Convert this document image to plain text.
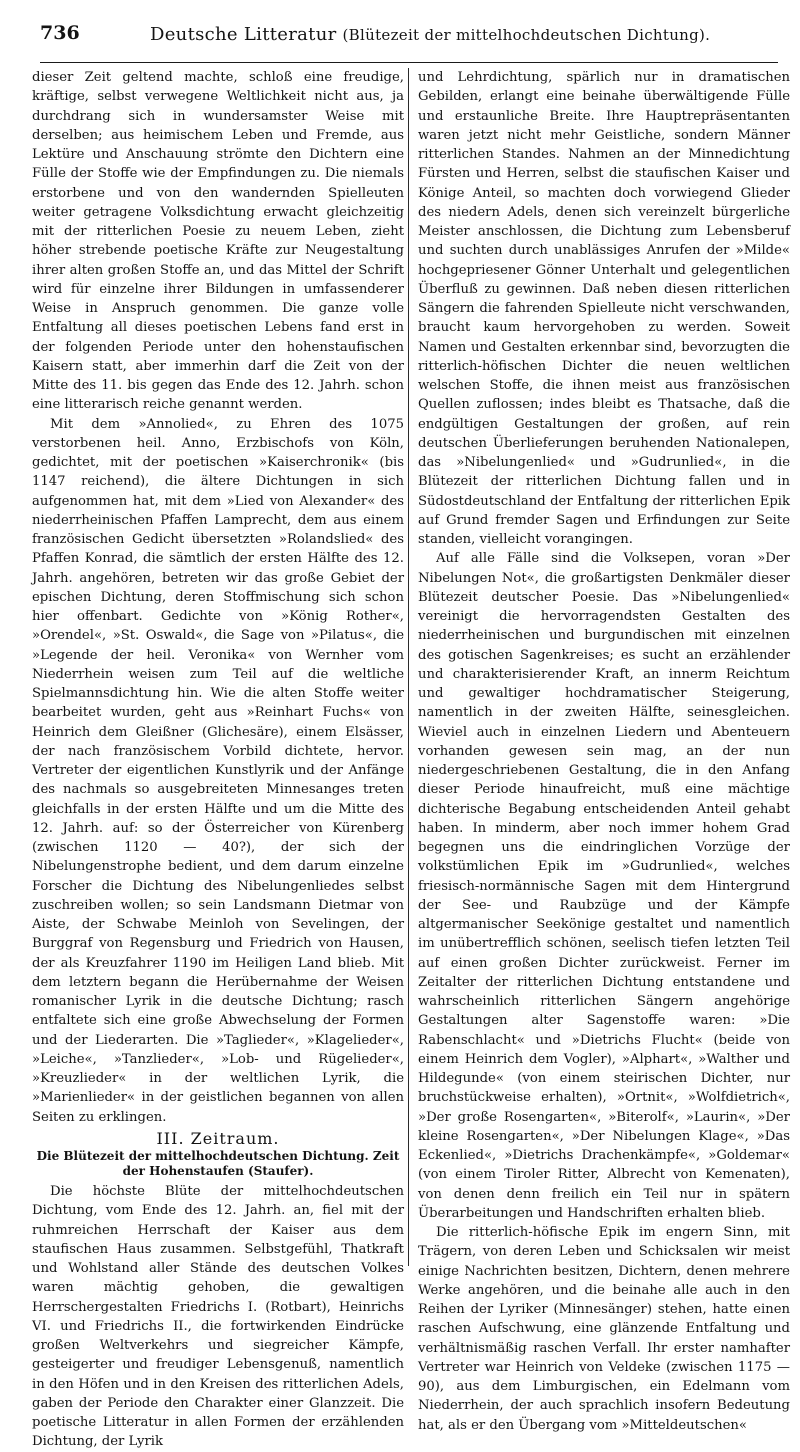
736	Deutsche Litteratur (Blütezeit der mittelhochdeutschen Dichtung).

dieser Zeit geltend machte, schloß eine freudige, kräftige, selbst verwegene Weltlichkeit nicht aus, ja durchdrang sich in wundersamster Weise mit derselben; aus heimischem Leben und Fremde, aus Lektüre und Anschauung strömte den Dichtern eine Fülle der Stoffe wie der Empfindungen zu. Die niemals erstorbene und von den wandernden Spielleuten weiter getragene Volksdichtung erwacht gleichzeitig mit der ritterlichen Poesie zu neuem Leben, zieht höher strebende poetische Kräfte zur Neugestaltung ihrer alten großen Stoffe an, und das Mittel der Schrift wird für einzelne ihrer Bildungen in umfassenderer Weise in Anspruch genommen. Die ganze volle Entfaltung all dieses poetischen Lebens fand erst in der folgenden Periode unter den hohenstaufischen Kaisern statt, aber immerhin darf die Zeit von der Mitte des 11. bis gegen das Ende des 12. Jahrh. schon eine litterarisch reiche genannt werden.

Mit dem »Annolied«, zu Ehren des 1075 verstorbenen heil. Anno, Erzbischofs von Köln, gedichtet, mit der poetischen »Kaiserchronik« (bis 1147 reichend), die ältere Dichtungen in sich aufgenommen hat, mit dem »Lied von Alexander« des niederrheinischen Pfaffen Lamprecht, dem aus einem französischen Gedicht übersetzten »Rolandslied« des Pfaffen Konrad, die sämtlich der ersten Hälfte des 12. Jahrh. angehören, betreten wir das große Gebiet der epischen Dichtung, deren Stoffmischung sich schon hier offenbart. Gedichte von »König Rother«, »Orendel«, »St. Oswald«, die Sage von »Pilatus«, die »Legende der heil. Veronika« von Wernher vom Niederrhein weisen zum Teil auf die weltliche Spielmannsdichtung hin. Wie die alten Stoffe weiter bearbeitet wurden, geht aus »Reinhart Fuchs« von Heinrich dem Gleißner (Glichesäre), einem Elsässer, der nach französischem Vorbild dichtete, hervor. Vertreter der eigentlichen Kunstlyrik und der Anfänge des nachmals so ausgebreiteten Minnesanges treten gleichfalls in der ersten Hälfte und um die Mitte des 12. Jahrh. auf: so der Österreicher von Kürenberg (zwischen 1120 — 40?), der sich der Nibelungenstrophe bedient, und dem darum einzelne Forscher die Dichtung des Nibelungenliedes selbst zuschreiben wollen; so sein Landsmann Dietmar von Aiste, der Schwabe Meinloh von Sevelingen, der Burggraf von Regensburg und Friedrich von Hausen, der als Kreuzfahrer 1190 im Heiligen Land blieb. Mit dem letztern begann die Herübernahme der Weisen romanischer Lyrik in die deutsche Dichtung; rasch entfaltete sich eine große Abwechselung der Formen und der Liederarten. Die »Taglieder«, »Klagelieder«, »Leiche«, »Tanzlieder«, »Lob- und Rügelieder«, »Kreuzlieder« in der weltlichen Lyrik, die »Marienlieder« in der geistlichen begannen von allen Seiten zu erklingen.

III. Zeitraum.
Die Blütezeit der mittelhochdeutschen Dichtung. Zeit der Hohenstaufen (Staufer).

Die höchste Blüte der mittelhochdeutschen Dichtung, vom Ende des 12. Jahrh. an, fiel mit der ruhmreichen Herrschaft der Kaiser aus dem staufischen Haus zusammen. Selbstgefühl, Thatkraft und Wohlstand aller Stände des deutschen Volkes waren mächtig gehoben, die gewaltigen Herrschergestalten Friedrichs I. (Rotbart), Heinrichs VI. und Friedrichs II., die fortwirkenden Eindrücke großen Weltverkehrs und siegreicher Kämpfe, gesteigerter und freudiger Lebensgenuß, namentlich in den Höfen und in den Kreisen des ritterlichen Adels, gaben der Periode den Charakter einer Glanzzeit. Die poetische Litteratur in allen Formen der erzählenden Dichtung, der Lyrik

und Lehrdichtung, spärlich nur in dramatischen Gebilden, erlangt eine beinahe überwältigende Fülle und erstaunliche Breite. Ihre Hauptrepräsentanten waren jetzt nicht mehr Geistliche, sondern Männer ritterlichen Standes. Nahmen an der Minnedichtung Fürsten und Herren, selbst die staufischen Kaiser und Könige Anteil, so machten doch vorwiegend Glieder des niedern Adels, denen sich vereinzelt bürgerliche Meister anschlossen, die Dichtung zum Lebensberuf und suchten durch unablässiges Anrufen der »Milde« hochgepriesener Gönner Unterhalt und gelegentlichen Überfluß zu gewinnen. Daß neben diesen ritterlichen Sängern die fahrenden Spielleute nicht verschwanden, braucht kaum hervorgehoben zu werden. Soweit Namen und Gestalten erkennbar sind, bevorzugten die ritterlich-höfischen Dichter die neuen weltlichen welschen Stoffe, die ihnen meist aus französischen Quellen zuflossen; indes bleibt es Thatsache, daß die endgültigen Gestaltungen der großen, auf rein deutschen Überlieferungen beruhenden Nationalepen, das »Nibelungenlied« und »Gudrunlied«, in die Blütezeit der ritterlichen Dichtung fallen und in Südostdeutschland der Entfaltung der ritterlichen Epik auf Grund fremder Sagen und Erfindungen zur Seite standen, vielleicht vorangingen.

Auf alle Fälle sind die Volksepen, voran »Der Nibelungen Not«, die großartigsten Denkmäler dieser Blütezeit deutscher Poesie. Das »Nibelungenlied« vereinigt die hervorragendsten Gestalten des niederrheinischen und burgundischen mit einzelnen des gotischen Sagenkreises; es sucht an erzählender und charakterisierender Kraft, an innerm Reichtum und gewaltiger hochdramatischer Steigerung, namentlich in der zweiten Hälfte, seinesgleichen. Wieviel auch in einzelnen Liedern und Abenteuern vorhanden gewesen sein mag, an der nun niedergeschriebenen Gestaltung, die in den Anfang dieser Periode hinaufreicht, muß eine mächtige dichterische Begabung entscheidenden Anteil gehabt haben. In minderm, aber noch immer hohem Grad begegnen uns die eindringlichen Vorzüge der volkstümlichen Epik im »Gudrunlied«, welches friesisch-normännische Sagen mit dem Hintergrund der See- und Raubzüge und der Kämpfe altgermanischer Seekönige gestaltet und namentlich im unübertrefflich schönen, seelisch tiefen letzten Teil auf einen großen Dichter zurückweist. Ferner im Zeitalter der ritterlichen Dichtung entstandene und wahrscheinlich ritterlichen Sängern angehörige Gestaltungen alter Sagenstoffe waren: »Die Rabenschlacht« und »Dietrichs Flucht« (beide von einem Heinrich dem Vogler), »Alphart«, »Walther und Hildegunde« (von einem steirischen Dichter, nur bruchstückweise erhalten), »Ortnit«, »Wolfdietrich«, »Der große Rosengarten«, »Biterolf«, »Laurin«, »Der kleine Rosengarten«, »Der Nibelungen Klage«, »Das Eckenlied«, »Dietrichs Drachenkämpfe«, »Goldemar« (von einem Tiroler Ritter, Albrecht von Kemenaten), von denen denn freilich ein Teil nur in spätern Überarbeitungen und Handschriften erhalten blieb.

Die ritterlich-höfische Epik im engern Sinn, mit Trägern, von deren Leben und Schicksalen wir meist einige Nachrichten besitzen, Dichtern, denen mehrere Werke angehören, und die beinahe alle auch in den Reihen der Lyriker (Minnesänger) stehen, hatte einen raschen Aufschwung, eine glänzende Entfaltung und verhältnismäßig raschen Verfall. Ihr erster namhafter Vertreter war Heinrich von Veldeke (zwischen 1175 — 90), aus dem Limburgischen, ein Edelmann vom Niederrhein, der auch sprachlich insofern Bedeutung hat, als er den Übergang vom »Mitteldeutschen«
